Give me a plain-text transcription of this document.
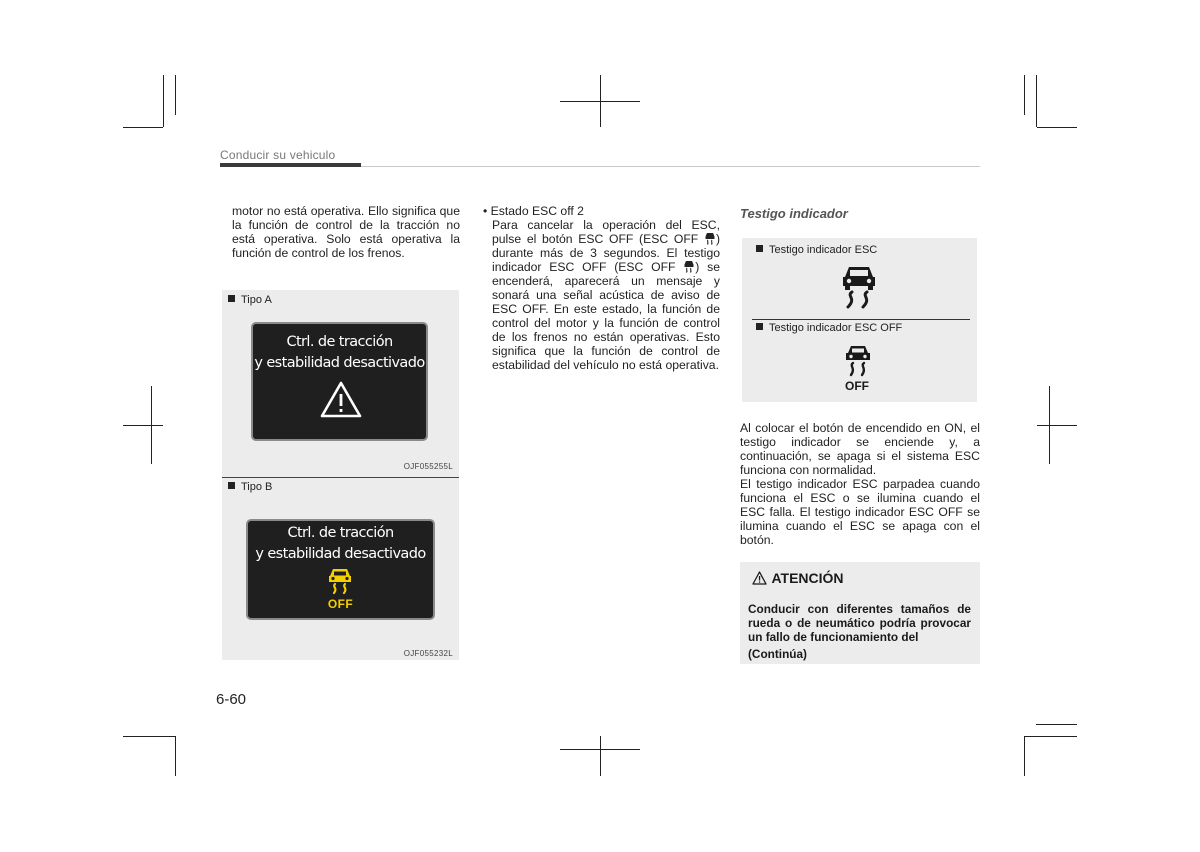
Conducir su vehiculo
motor no está operativa. Ello significa que la función de control de la tracción no está operativa. Solo está operativa la función de control de los frenos.
Tipo A
Ctrl. de tracción
y estabilidad desactivado
OJF055255L
Tipo B
Ctrl. de tracción
y estabilidad desactivado
OFF
OJF055232L
• Estado ESC off 2
Para cancelar la operación del ESC, pulse el botón ESC OFF (ESC OFF ) durante más de 3 segundos. El testigo indicador ESC OFF (ESC OFF ) se encenderá, aparecerá un mensaje y sonará una señal acústica de aviso de ESC OFF. En este estado, la función de control del motor y la función de control de los frenos no están operativas. Esto significa que la función de control de estabilidad del vehículo no está operativa.
Testigo indicador
Testigo indicador ESC
Testigo indicador ESC OFF
OFF
Al colocar el botón de encendido en ON, el testigo indicador se enciende y, a continuación, se apaga si el sistema ESC funciona con normalidad.
El testigo indicador ESC parpadea cuando funciona el ESC o se ilumina cuando el ESC falla. El testigo indicador ESC OFF se ilumina cuando el ESC se apaga con el botón.
ATENCIÓN
Conducir con diferentes tamaños de rueda o de neumático podría provocar un fallo de funcionamiento del
(Continúa)
6-60
